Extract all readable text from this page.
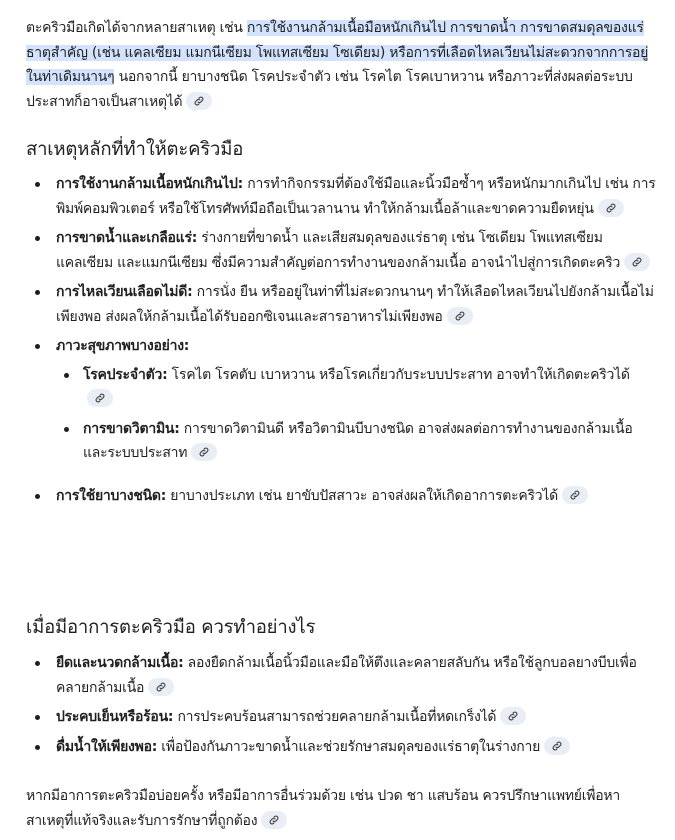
ตะคริวมือเกิดได้จากหลายสาเหตุ เช่น การใช้งานกล้ามเนื้อมือหนักเกินไป การขาดน้ำ การขาดสมดุลของแร่ธาตุสำคัญ (เช่น แคลเซียม แมกนีเซียม โพแทสเซียม โซเดียม) หรือการที่เลือดไหลเวียนไม่สะดวกจากการอยู่ในท่าเดิมนานๆ นอกจากนี้ ยาบางชนิด โรคประจำตัว เช่น โรคไต โรคเบาหวาน หรือภาวะที่ส่งผลต่อระบบประสาทก็อาจเป็นสาเหตุได้

สาเหตุหลักที่ทำให้ตะคริวมือ
การใช้งานกล้ามเนื้อหนักเกินไป: การทำกิจกรรมที่ต้องใช้มือและนิ้วมือซ้ำๆ หรือหนักมากเกินไป เช่น การพิมพ์คอมพิวเตอร์ หรือใช้โทรศัพท์มือถือเป็นเวลานาน ทำให้กล้ามเนื้อล้าและขาดความยืดหยุ่น
การขาดน้ำและเกลือแร่: ร่างกายที่ขาดน้ำ และเสียสมดุลของแร่ธาตุ เช่น โซเดียม โพแทสเซียม แคลเซียม และแมกนีเซียม ซึ่งมีความสำคัญต่อการทำงานของกล้ามเนื้อ อาจนำไปสู่การเกิดตะคริว
การไหลเวียนเลือดไม่ดี: การนั่ง ยืน หรืออยู่ในท่าที่ไม่สะดวกนานๆ ทำให้เลือดไหลเวียนไปยังกล้ามเนื้อไม่เพียงพอ ส่งผลให้กล้ามเนื้อได้รับออกซิเจนและสารอาหารไม่เพียงพอ
ภาวะสุขภาพบางอย่าง:
โรคประจำตัว: โรคไต โรคตับ เบาหวาน หรือโรคเกี่ยวกับระบบประสาท อาจทำให้เกิดตะคริวได้
การขาดวิตามิน: การขาดวิตามินดี หรือวิตามินบีบางชนิด อาจส่งผลต่อการทำงานของกล้ามเนื้อและระบบประสาท
การใช้ยาบางชนิด: ยาบางประเภท เช่น ยาขับปัสสาวะ อาจส่งผลให้เกิดอาการตะคริวได้
เมื่อมีอาการตะคริวมือ ควรทำอย่างไร
ยืดและนวดกล้ามเนื้อ: ลองยืดกล้ามเนื้อนิ้วมือและมือให้ตึงและคลายสลับกัน หรือใช้ลูกบอลยางบีบเพื่อคลายกล้ามเนื้อ
ประคบเย็นหรือร้อน: การประคบร้อนสามารถช่วยคลายกล้ามเนื้อที่หดเกร็งได้
ดื่มน้ำให้เพียงพอ: เพื่อป้องกันภาวะขาดน้ำและช่วยรักษาสมดุลของแร่ธาตุในร่างกาย

หากมีอาการตะคริวมือบ่อยครั้ง หรือมีอาการอื่นร่วมด้วย เช่น ปวด ชา แสบร้อน ควรปรึกษาแพทย์เพื่อหาสาเหตุที่แท้จริงและรับการรักษาที่ถูกต้อง
